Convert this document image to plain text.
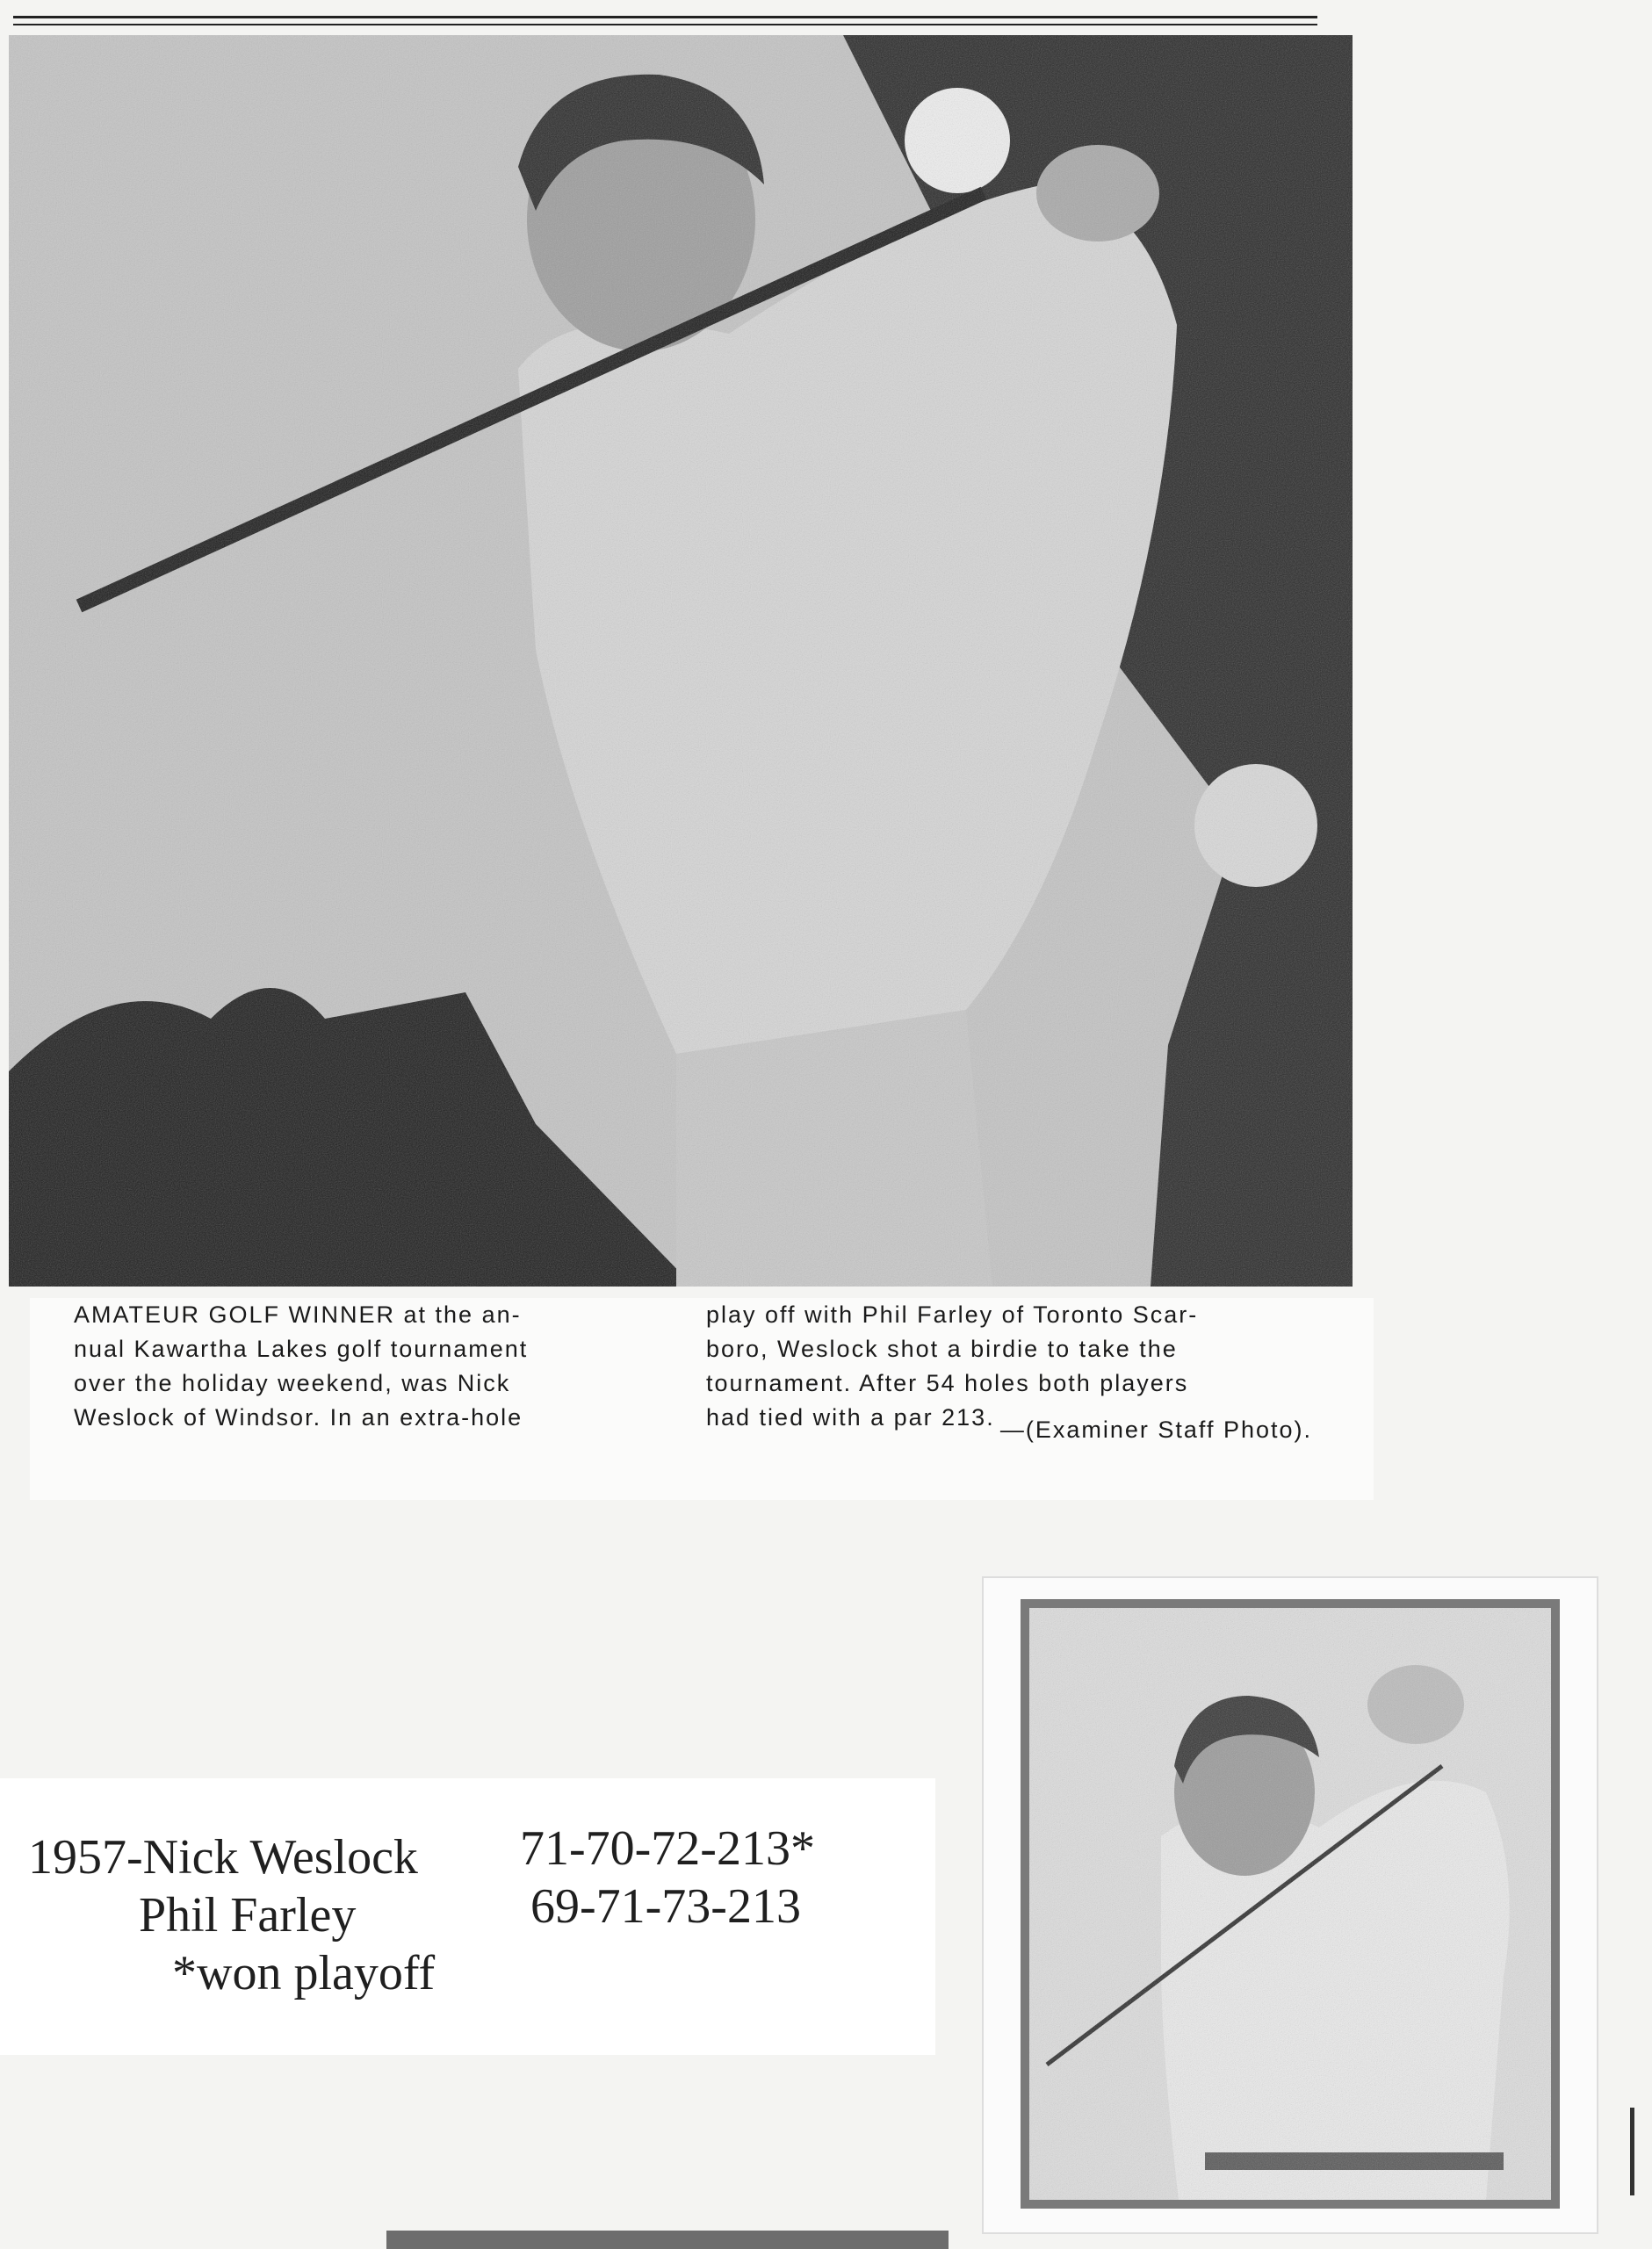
AMATEUR GOLF WINNER at the an-

nual Kawartha Lakes golf tournament

over the holiday weekend, was Nick

Weslock of Windsor. In an extra-hole

play off with Phil Farley of Toronto Scar-

boro, Weslock shot a birdie to take the

tournament. After 54 holes both players

had tied with a par 213. —(Examiner Staff Photo).
1957-Nick Weslock 71-70-72-213*
Phil Farley	69-71-73-213
*won playoff
